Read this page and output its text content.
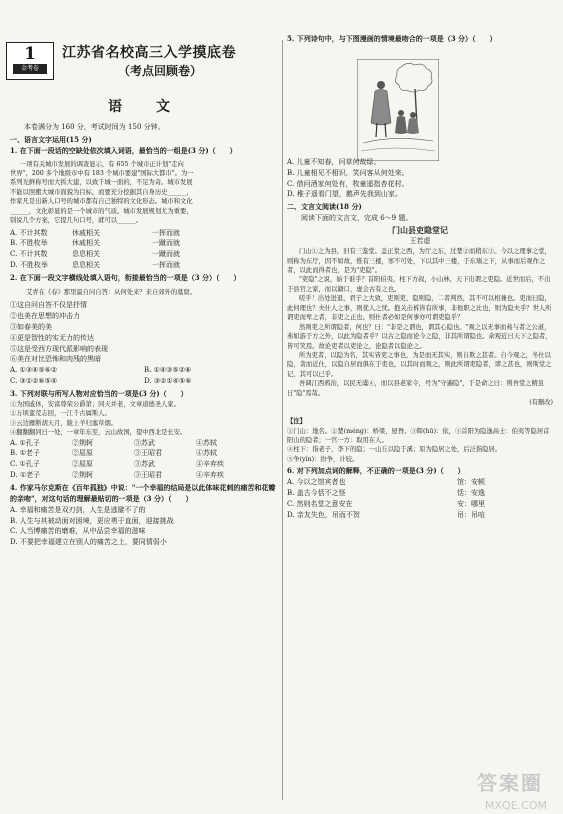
1
金考卷
江苏省名校高三入学摸底卷
（考点回顾卷）
语　文
本卷满分为 160 分，考试时间为 150 分钟。
一、语言文字运用(15 分)
1. 在下面一段话的空缺处依次填入词语，最恰当的一组是(3 分)（　　）
一项有关城市发展的调查显示，有 655 个城市正计划"走向
世界"，200 多个地级市中有 183 个城市要建"国际大都市"。为一
系列光鲜称号而大拆大建，以致千城一面的，不足为奇。城市发展
不能以照搬大城市面貌为目标，而要充分挖掘其自身历史______，
作家凡是出新人口号的城市都有自己独特的文化形态。城市和文化
______，文化彰显的是一个城市的气质。城市发展规划尤为重要，
别说几个方案，它提几句口号，就可以______。
A. 不计其数	休戚相关	一挥而就
B. 不胜枚举	休戚相关	一蹴而就
C. 不计其数	息息相关	一蹴而就
D. 不胜枚举	息息相关	一挥而就
2. 在下面一段文字横线处填入语句，衔接最恰当的一项是（3 分）（　　）
艾青在《春》那里最自问自答：从何处来？来自郊外的墓窟。
①这自问自答不仅是抒情
②也美在思想的冲击力
③如春美的美
④更是智性的实无力的传达
⑤这是受西方现代派影响的表现
⑥美在对比恐怖和肉残的黑暗
A. ①③④⑤⑥②	B. ①④③⑤②⑥
C. ③①②⑥⑤④	D. ③②①④⑤⑥
3. 下列对联与所写人物对应恰当的一项是(3 分)（　　）
①为国戚休，安富尊荣公爵第；同天并老，文章道德圣人家。
②万顷蛮荒志回，一江千古属斯人。
③云边雁断胡天月，陇上羊归塞草烟。
④翻翻翻同日一处，一章年东至，云山故国，望中西北是长安。
A. ①孔子	②荆轲	③苏武	④苏轼
B. ①老子	②屈原	③王昭君	④苏轼
C. ①孔子	②屈原	③苏武	④辛弃疾
D. ①老子	②荆轲	③王昭君	④辛弃疾
4. 作家马尔克斯在《百年孤独》中说："一个幸福的结局是以此体味花刺的痛苦和花瓣的亲吻"，对这句话的理解最贴切的一项是（3 分）（　　）
A. 幸福和痛苦是双刃剑，人生是逃避不了的
B. 人生与其被动面对困境，更应勇于直面，迎接挑战
C. 人当博痛苦的磨难，从中品尝幸福的滋味
D. 不要把幸福建立在别人的痛苦之上，要同情弱小
5. 下列诗句中，与下图漫画的情境最吻合的一项是（3 分）（　　）
A. 儿童不知春，问草何故绿。
B. 儿童相见不相识，笑问客从何处来。
C. 借问酒家何处有，牧童遥指杏花村。
D. 稚子遥看门望，鹅声先我到山家。
二、文言文阅读(18 分)
阅读下面的文言文，完成 6～9 题。
门山县吏隐堂记
王若虚
门山①之为县，旧有三鉴堂。盖正堂之西，为厅之东，过楚②而稍东③。今以之理事之堂，则称为东厅，因不如故，惟有三楼，寒不可处，下以其中三楼，于东墙之下，从事而后观作之者，以此而得者也，是为"吏隐"。
"吏隐"之说，始于谁乎？首阳伯夷，柱下方叔，小山林，天下出谓之吏隐。近世而后，不出于县官之家，而以籍口，虚会古有之也。
嗟乎！出处进退，君子之大致，吏则吏，隐则隐，二者判然，其不可以相兼也。吏而曰隐，此何理也？夫仕人之事，则优人之忧。抱关击柝皆有所事，非他职之比也，则为隐夫乎？世人所谓吏而卑之者，非吏之正也。则仕者必如是何事亦可谓吏隐乎？
然则吏之所谓隐者，何也？曰："非是之谓也，谓其心隐也。"观之以无事而弗与者之公道，弗如游于方之外，以此为隐者乎？以古之隐而论今之隐，非其所谓隐也。余观近日天下之隐者，皆可笑焉。故论吏者以吏论之，论隐者以隐论之。
所为吏者，以隐为名，其实皆吏之事也，为是而无其实，则自欺之甚者。自今观之，冬仕以隐，贪而近仕，以隐自居而俱在于吏也，以其时而观之，则此所谓吏隐者，谬之甚也，则斯堂之记，其可以已乎。
吾调江西鸦治，以民无虞④，而以县老家令，号为"守遍隐"，于是命之曰：则吾堂之精虽日"隐"焉哉。
(有删改)
【注】
①门山：地名。②楚(méng)：桥梁，屋脊。③晖(hū)：依，③首阳为隐逸高士：伯夷等隐居首阳山的隐者；一官一方：取用在人。
④柱下：指老子，李下的隐；一山丘以隐于溪；原为隐居之处，后泛指隐居。
⑤争(yín)：纷争，计较。
6. 对下列加点词的解释，不正确的一项是(3 分)（　　）
A. 今以之馆宾者也	馆：安顿
B. 盖古今恬不之怪	恬：安逸
C. 然则名堂之意安在	安：哪里
D. 亲友失色，吊而不贺	吊：吊唁
答案圈
MXQE.COM
